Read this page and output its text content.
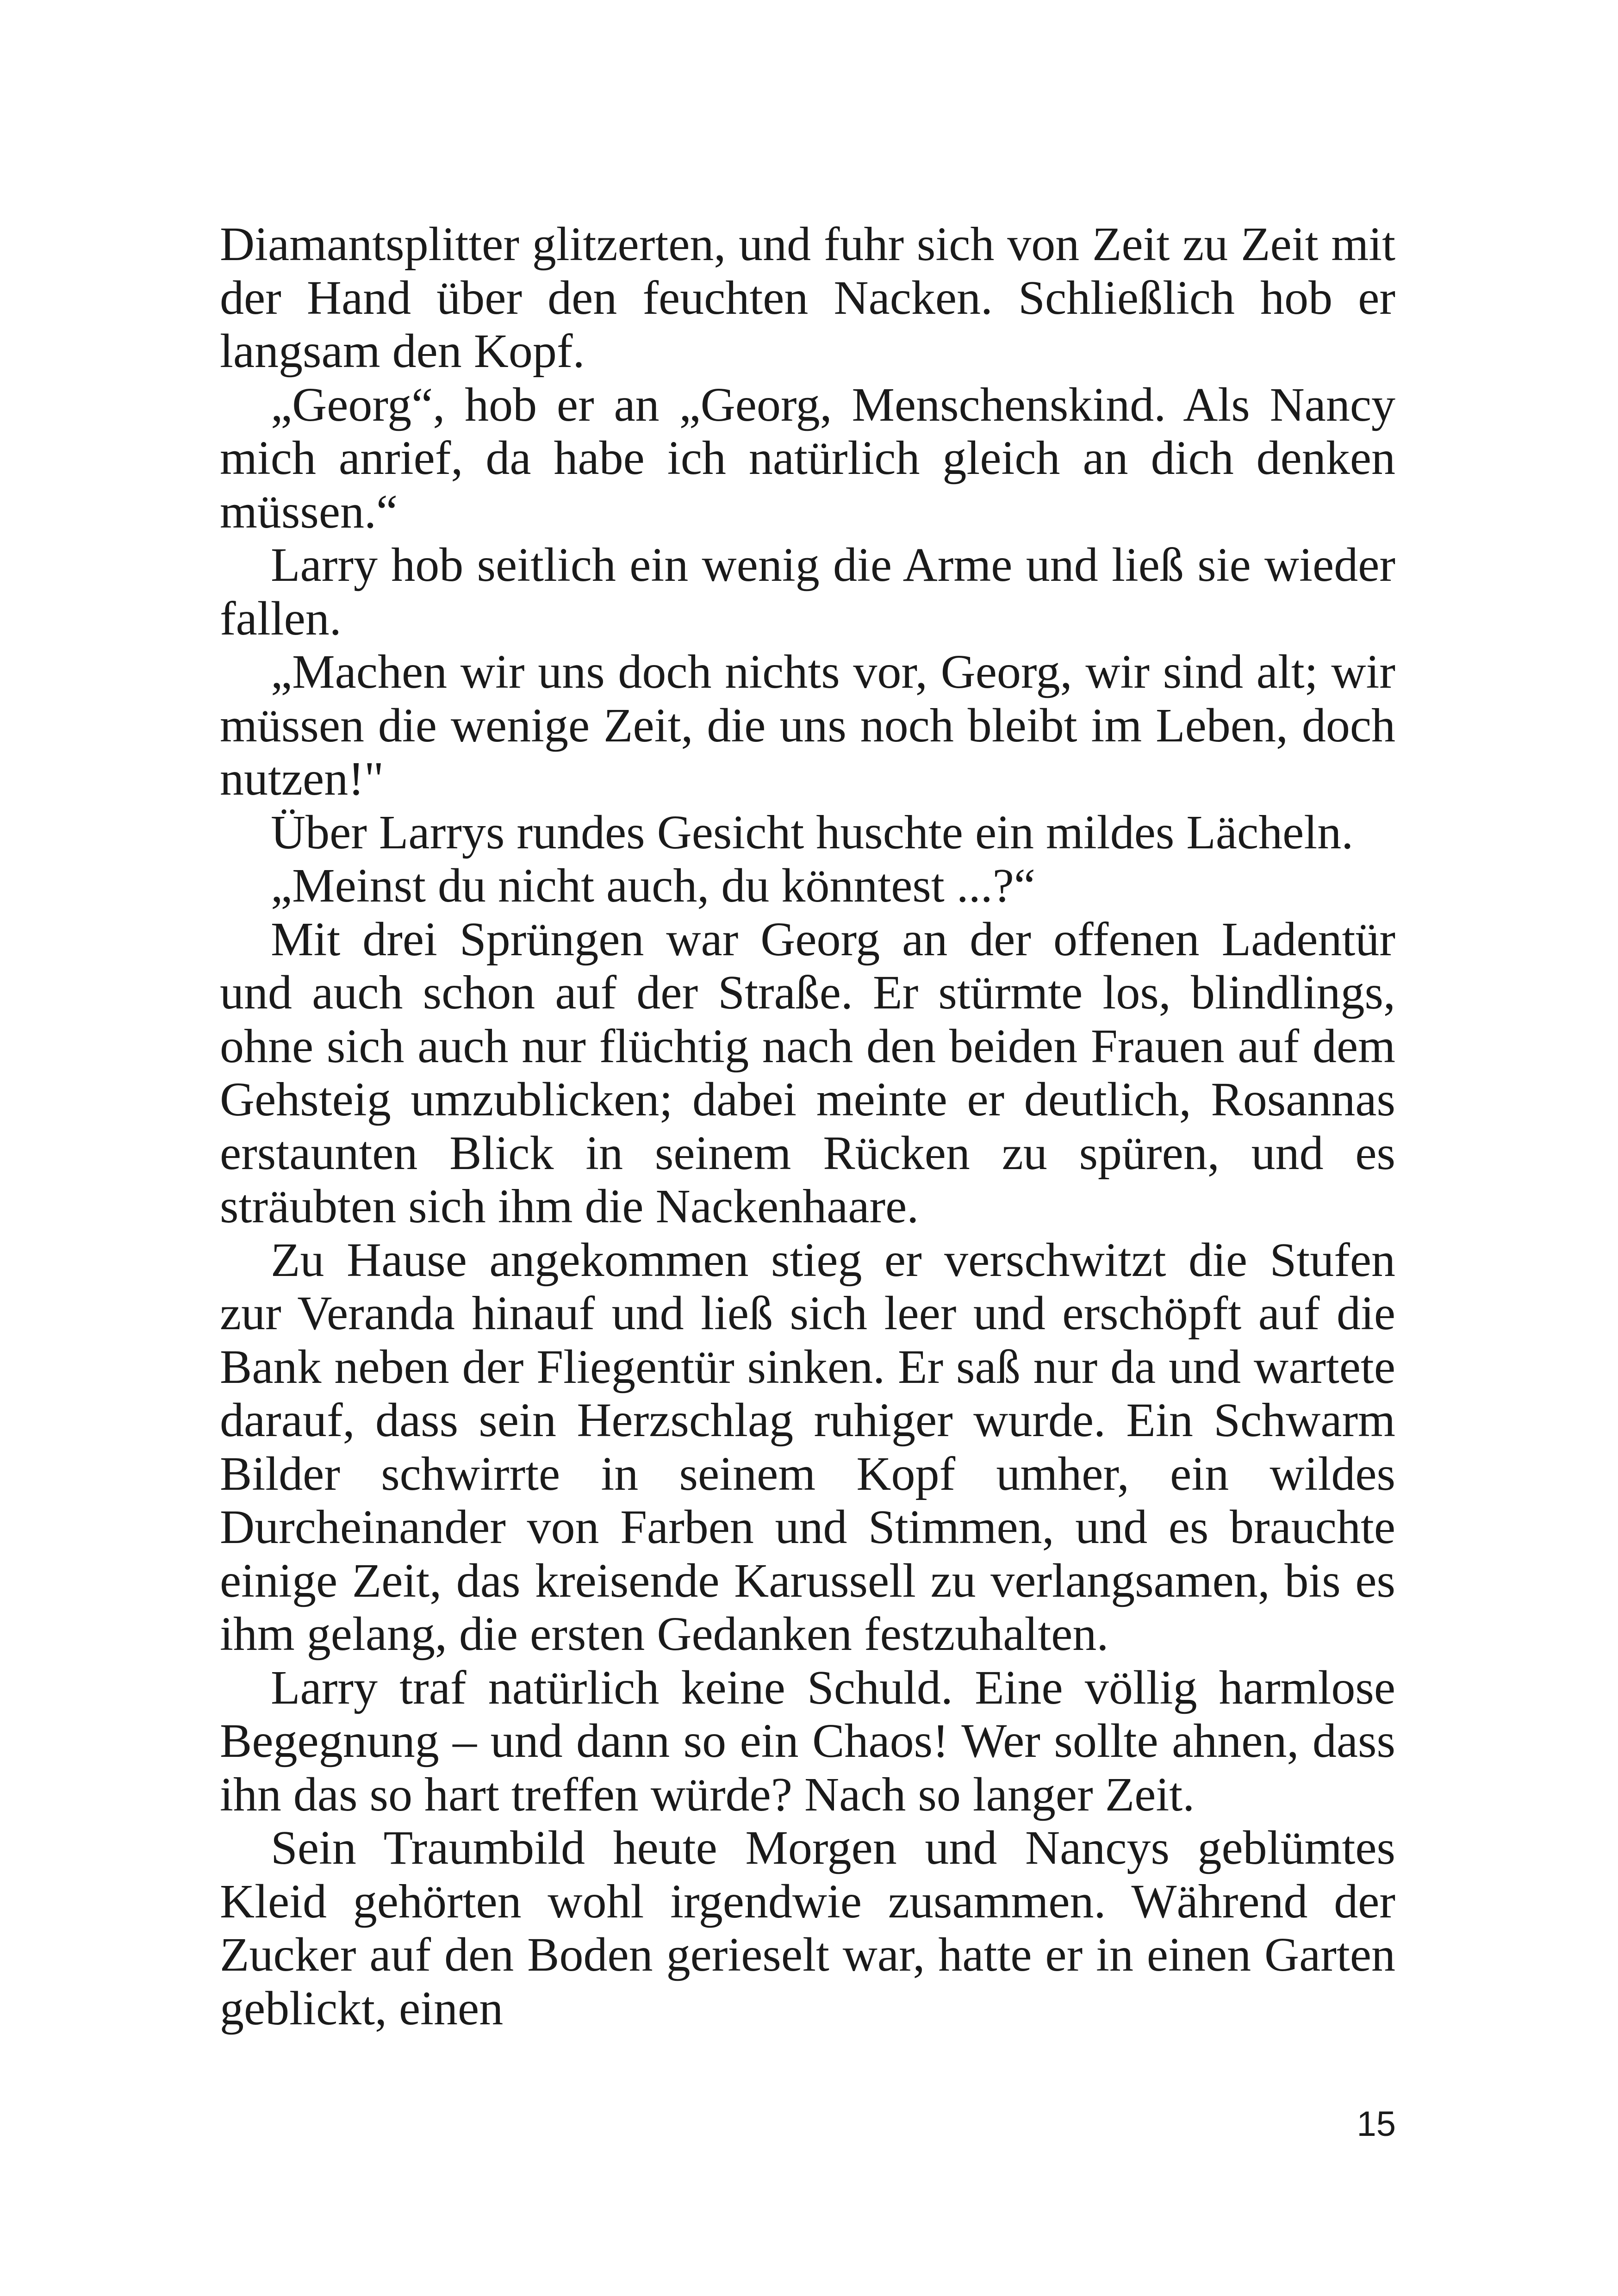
Diamantsplitter glitzerten, und fuhr sich von Zeit zu Zeit mit der Hand über den feuchten Nacken. Schließlich hob er langsam den Kopf.

„Georg“, hob er an „Georg, Menschenskind. Als Nancy mich anrief, da habe ich natürlich gleich an dich denken müssen.“

Larry hob seitlich ein wenig die Arme und ließ sie wieder fallen.

„Machen wir uns doch nichts vor, Georg, wir sind alt; wir müssen die wenige Zeit, die uns noch bleibt im Leben, doch nutzen!"

Über Larrys rundes Gesicht huschte ein mildes Lächeln.

„Meinst du nicht auch, du könntest ...?“

Mit drei Sprüngen war Georg an der offenen Ladentür und auch schon auf der Straße. Er stürmte los, blindlings, ohne sich auch nur flüchtig nach den beiden Frauen auf dem Gehsteig umzublicken; dabei meinte er deutlich, Rosannas erstaunten Blick in seinem Rücken zu spüren, und es sträubten sich ihm die Nackenhaare.

Zu Hause angekommen stieg er verschwitzt die Stufen zur Veranda hinauf und ließ sich leer und erschöpft auf die Bank neben der Fliegentür sinken. Er saß nur da und wartete darauf, dass sein Herzschlag ruhiger wurde. Ein Schwarm Bilder schwirrte in seinem Kopf umher, ein wildes Durcheinander von Farben und Stimmen, und es brauchte einige Zeit, das kreisende Karussell zu verlangsamen, bis es ihm gelang, die ersten Gedanken festzuhalten.

Larry traf natürlich keine Schuld. Eine völlig harmlose Begegnung – und dann so ein Chaos! Wer sollte ahnen, dass ihn das so hart treffen würde? Nach so langer Zeit.

Sein Traumbild heute Morgen und Nancys geblümtes Kleid gehörten wohl irgendwie zusammen. Während der Zucker auf den Boden gerieselt war, hatte er in einen Garten geblickt, einen

15
